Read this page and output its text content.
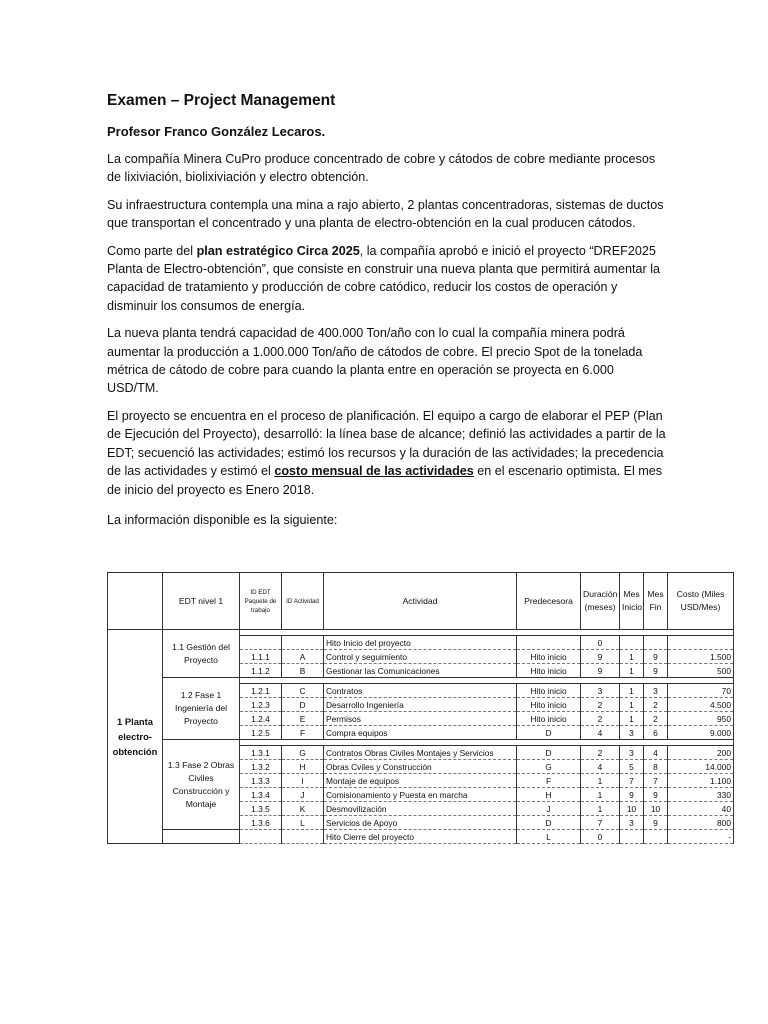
Examen – Project Management
Profesor Franco González Lecaros.

La compañía Minera CuPro produce concentrado de cobre y cátodos de cobre mediante procesos de lixiviación, biolixiviación y electro obtención.

Su infraestructura contempla una mina a rajo abierto, 2 plantas concentradoras, sistemas de ductos que transportan el concentrado y una planta de electro-obtención en la cual producen cátodos.

Como parte del plan estratégico Circa 2025, la compañía aprobó e inició el proyecto “DREF2025 Planta de Electro-obtención”, que consiste en construir una nueva planta que permitirá aumentar la capacidad de tratamiento y producción de cobre catódico, reducir los costos de operación y disminuir los consumos de energía.

La nueva planta tendrá capacidad de 400.000 Ton/año con lo cual la compañía minera podrá aumentar la producción a 1.000.000 Ton/año de cátodos de cobre. El precio Spot de la tonelada métrica de cátodo de cobre para cuando la planta entre en operación se proyecta en 6.000 USD/TM.

El proyecto se encuentra en el proceso de planificación. El equipo a cargo de elaborar el PEP (Plan de Ejecución del Proyecto), desarrolló: la línea base de alcance; definió las actividades a partir de la EDT; secuenció las actividades; estimó los recursos y la duración de las actividades; la precedencia de las actividades y estimó el costo mensual de las actividades en el escenario optimista. El mes de inicio del proyecto es Enero 2018.

La información disponible es la siguiente:
	EDT nivel 1	ID EDT Paquete de trabajo	ID Actividad	Actividad	Predecesora	Duración (meses)	Mes Inicio	Mes Fin	Costo (Miles USD/Mes)
1 Planta electro-obtención	1.1 Gestión del Proyecto								
				Hito Inicio del proyecto		0			
		1.1.1	A	Control y seguimiento	Hito inicio	9	1	9	1.500
		1.1.2	B	Gestionar las Comunicaciones	Hito inicio	9	1	9	500
	1.2 Fase 1 Ingeniería del Proyecto								
		1.2.1	C	Contratos	Hito inicio	3	1	3	70
		1.2.3	D	Desarrollo Ingeniería	Hito inicio	2	1	2	4.500
		1.2.4	E	Permisos	Hito inicio	2	1	2	950
		1.2.5	F	Compra equipos	D	4	3	6	9.000
	1.3 Fase 2 Obras Civiles Construcción y Montaje								
		1.3.1	G	Contratos Obras Civiles Montajes y Servicios	D	2	3	4	200
		1.3.2	H	Obras Cviles y Construcción	G	4	5	8	14.000
		1.3.3	I	Montaje de equipos	F	1	7	7	1.100
		1.3.4	J	Comisionamiento y Puesta en marcha	H	1	9	9	330
		1.3.5	K	Desmovilización	J	1	10	10	40
		1.3.6	L	Servicios de Apoyo	D	7	3	9	800
				Hito Cierre del proyecto	L	0			-
